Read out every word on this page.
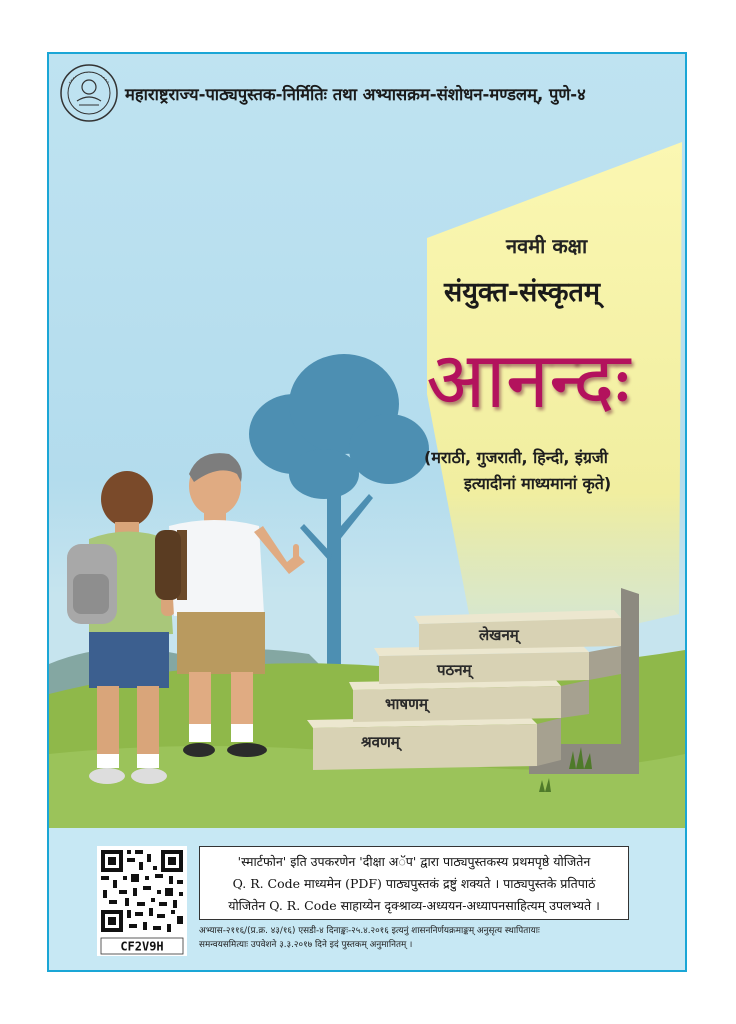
महाराष्ट्रराज्य-पाठ्यपुस्तक-निर्मितिः तथा अभ्यासक्रम-संशोधन-मण्डलम्, पुणे-४
नवमी कक्षा
संयुक्त-संस्कृतम्
आनन्दः
(मराठी, गुजराती, हिन्दी, इंग्रजी
इत्यादीनां माध्यमानां कृते)
लेखनम्
पठनम्
भाषणम्
श्रवणम्
CF2V9H
'स्मार्टफोन' इति उपकरणेन 'दीक्षा अॅप' द्वारा पाठ्यपुस्तकस्य प्रथमपृष्ठे योजितेन
Q. R. Code माध्यमेन (PDF) पाठ्यपुस्तकं द्रष्टुं शक्यते । पाठ्यपुस्तके प्रतिपाठं
योजितेन Q. R. Code साहाय्येन दृक्श्राव्य-अध्ययन-अध्यापनसाहित्यम् उपलभ्यते ।
अभ्यास-२११६/(प्र.क्र. ४३/१६) एसडी-४ दिनाङ्कः-२५.४.२०१६ इत्यनुं शासननिर्णयक्रमाङ्कम् अनुसृत्य स्थापितायाः
समन्वयसमित्याः उपवेशने ३.३.२०१७ दिने इदं पुस्तकम् अनुमानितम् ।
